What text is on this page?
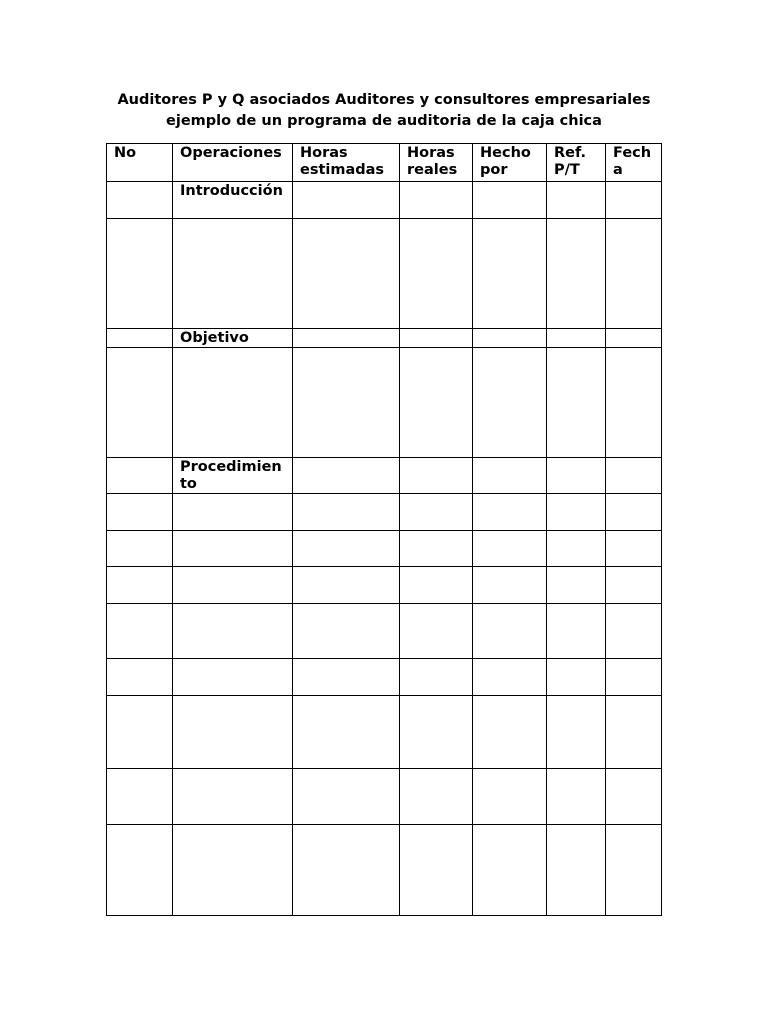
Auditores P y Q asociados Auditores y consultores empresariales
ejemplo de un programa de auditoria de la caja chica
No	Operaciones	Horas estimadas	Horas reales	Hecho por	Ref. P/T	Fecha
	Introducción					

	Objetivo					

	Procedimiento					
